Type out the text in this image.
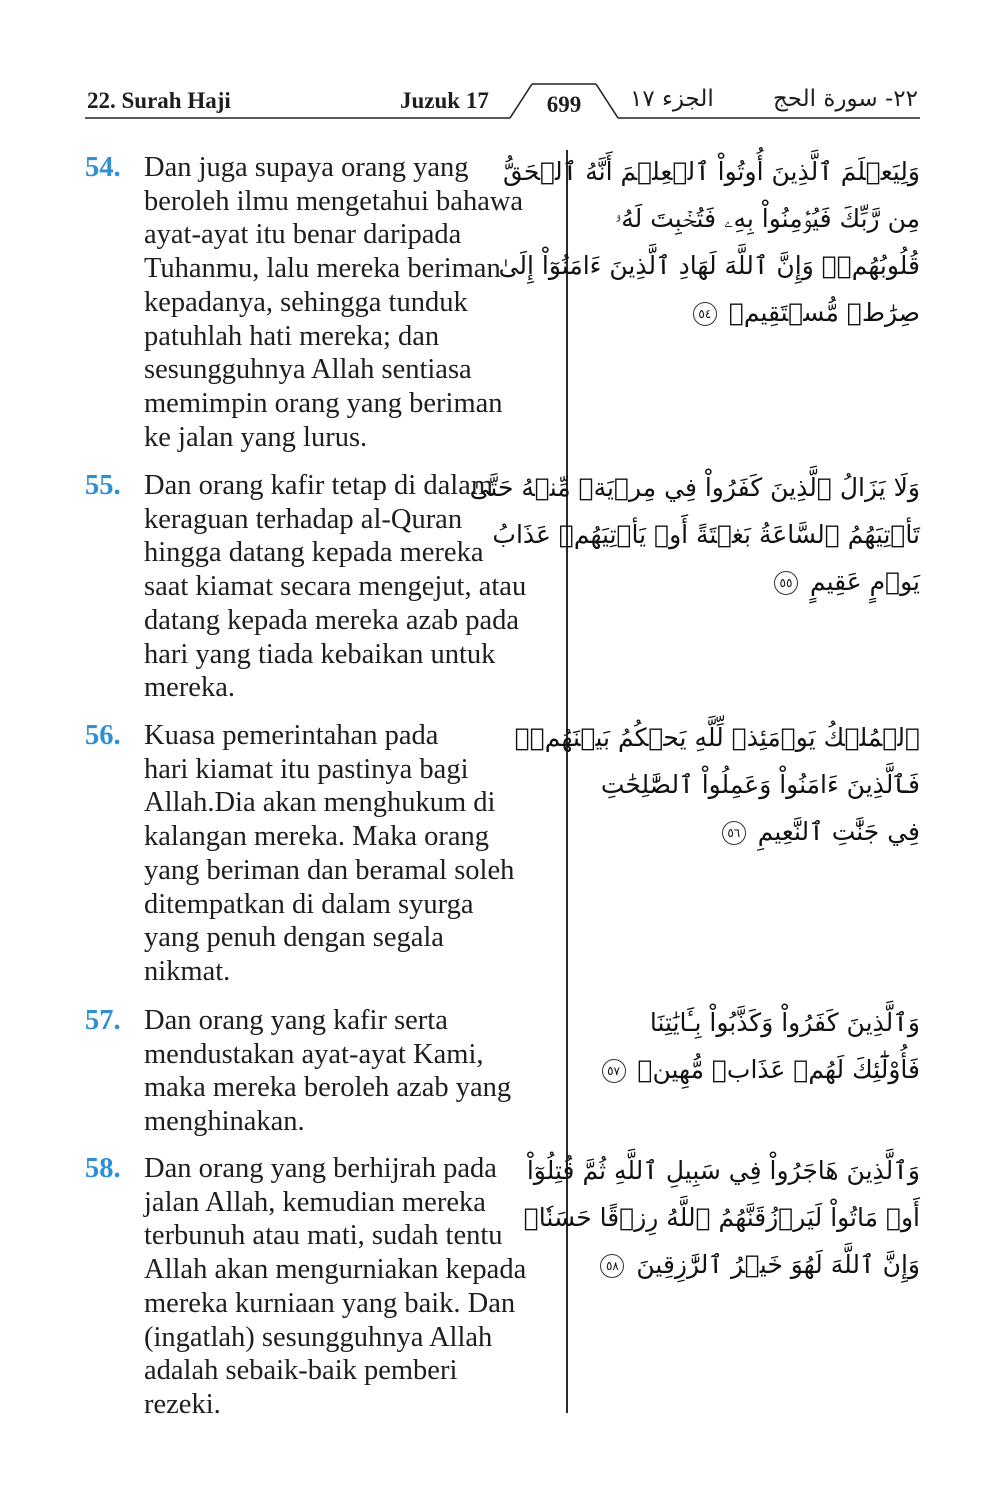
22. Surah Haji	Juzuk 17	699	الجزء ١٧	٢٢- سورة الحج
54. Dan juga supaya orang yang
beroleh ilmu mengetahui bahawa
ayat-ayat itu benar daripada
Tuhanmu, lalu mereka beriman
kepadanya, sehingga tunduk
patuhlah hati mereka; dan
sesungguhnya Allah sentiasa
memimpin orang yang beriman
ke jalan yang lurus.
وَلِيَعۡلَمَ ٱلَّذِينَ أُوتُواْ ٱلۡعِلۡمَ أَنَّهُ ٱلۡحَقُّ
مِن رَّبِّكَ فَيُؤۡمِنُواْ بِهِۦ فَتُخۡبِتَ لَهُۥ
قُلُوبُهُمۡۗ وَإِنَّ ٱللَّهَ لَهَادِ ٱلَّذِينَ ءَامَنُوٓاْ إِلَىٰ
صِرَٰطٖ مُّسۡتَقِيمٖ ٥٤
55. Dan orang kafir tetap di dalam
keraguan terhadap al-Quran
hingga datang kepada mereka
saat kiamat secara mengejut, atau
datang kepada mereka azab pada
hari yang tiada kebaikan untuk
mereka.
وَلَا يَزَالُ ٱلَّذِينَ كَفَرُواْ فِي مِرۡيَةٖ مِّنۡهُ حَتَّىٰ
تَأۡتِيَهُمُ ٱلسَّاعَةُ بَغۡتَةً أَوۡ يَأۡتِيَهُمۡ عَذَابُ
يَوۡمٍ عَقِيمٍ ٥٥
56. Kuasa pemerintahan pada
hari kiamat itu pastinya bagi
Allah.Dia akan menghukum di
kalangan mereka. Maka orang
yang beriman dan beramal soleh
ditempatkan di dalam syurga
yang penuh dengan segala
nikmat.
ٱلۡمُلۡكُ يَوۡمَئِذٖ لِّلَّهِ يَحۡكُمُ بَيۡنَهُمۡۚ
فَٱلَّذِينَ ءَامَنُواْ وَعَمِلُواْ ٱلصَّٰلِحَٰتِ
فِي جَنَّٰتِ ٱلنَّعِيمِ ٥٦
57. Dan orang yang kafir serta
mendustakan ayat-ayat Kami,
maka mereka beroleh azab yang
menghinakan.
وَٱلَّذِينَ كَفَرُواْ وَكَذَّبُواْ بِـَٔايَٰتِنَا
فَأُوْلَٰٓئِكَ لَهُمۡ عَذَابٞ مُّهِينٞ ٥٧
58. Dan orang yang berhijrah pada
jalan Allah, kemudian mereka
terbunuh atau mati, sudah tentu
Allah akan mengurniakan kepada
mereka kurniaan yang baik. Dan
(ingatlah) sesungguhnya Allah
adalah sebaik-baik pemberi
rezeki.
وَٱلَّذِينَ هَاجَرُواْ فِي سَبِيلِ ٱللَّهِ ثُمَّ قُتِلُوٓاْ
أَوۡ مَاتُواْ لَيَرۡزُقَنَّهُمُ ٱللَّهُ رِزۡقًا حَسَنٗاۚ
وَإِنَّ ٱللَّهَ لَهُوَ خَيۡرُ ٱلرَّٰزِقِينَ ٥٨
